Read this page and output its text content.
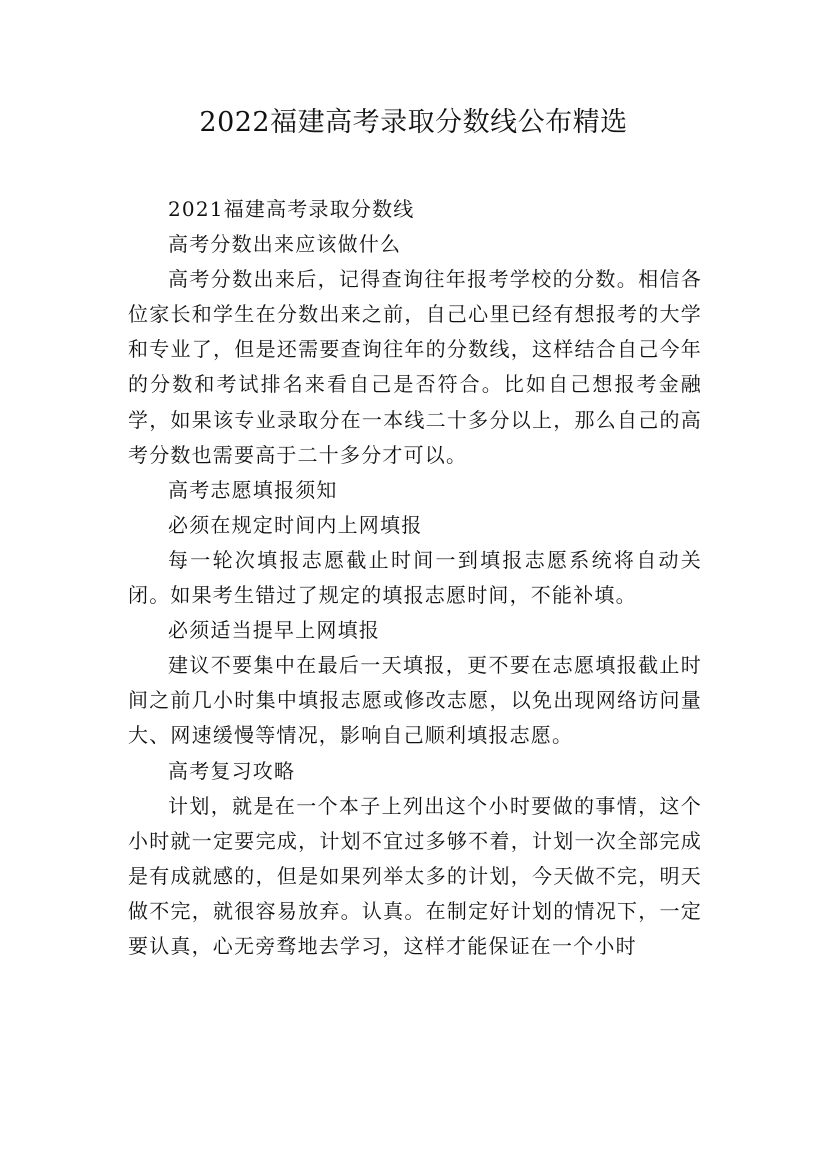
2022福建高考录取分数线公布精选

2021福建高考录取分数线

高考分数出来应该做什么

高考分数出来后，记得查询往年报考学校的分数。相信各位家长和学生在分数出来之前，自己心里已经有想报考的大学和专业了，但是还需要查询往年的分数线，这样结合自己今年的分数和考试排名来看自己是否符合。比如自己想报考金融学，如果该专业录取分在一本线二十多分以上，那么自己的高考分数也需要高于二十多分才可以。

高考志愿填报须知

必须在规定时间内上网填报

每一轮次填报志愿截止时间一到填报志愿系统将自动关闭。如果考生错过了规定的填报志愿时间，不能补填。

必须适当提早上网填报

建议不要集中在最后一天填报，更不要在志愿填报截止时间之前几小时集中填报志愿或修改志愿，以免出现网络访问量大、网速缓慢等情况，影响自己顺利填报志愿。

高考复习攻略

计划，就是在一个本子上列出这个小时要做的事情，这个小时就一定要完成，计划不宜过多够不着，计划一次全部完成是有成就感的，但是如果列举太多的计划，今天做不完，明天做不完，就很容易放弃。认真。在制定好计划的情况下，一定要认真，心无旁骛地去学习，这样才能保证在一个小时
